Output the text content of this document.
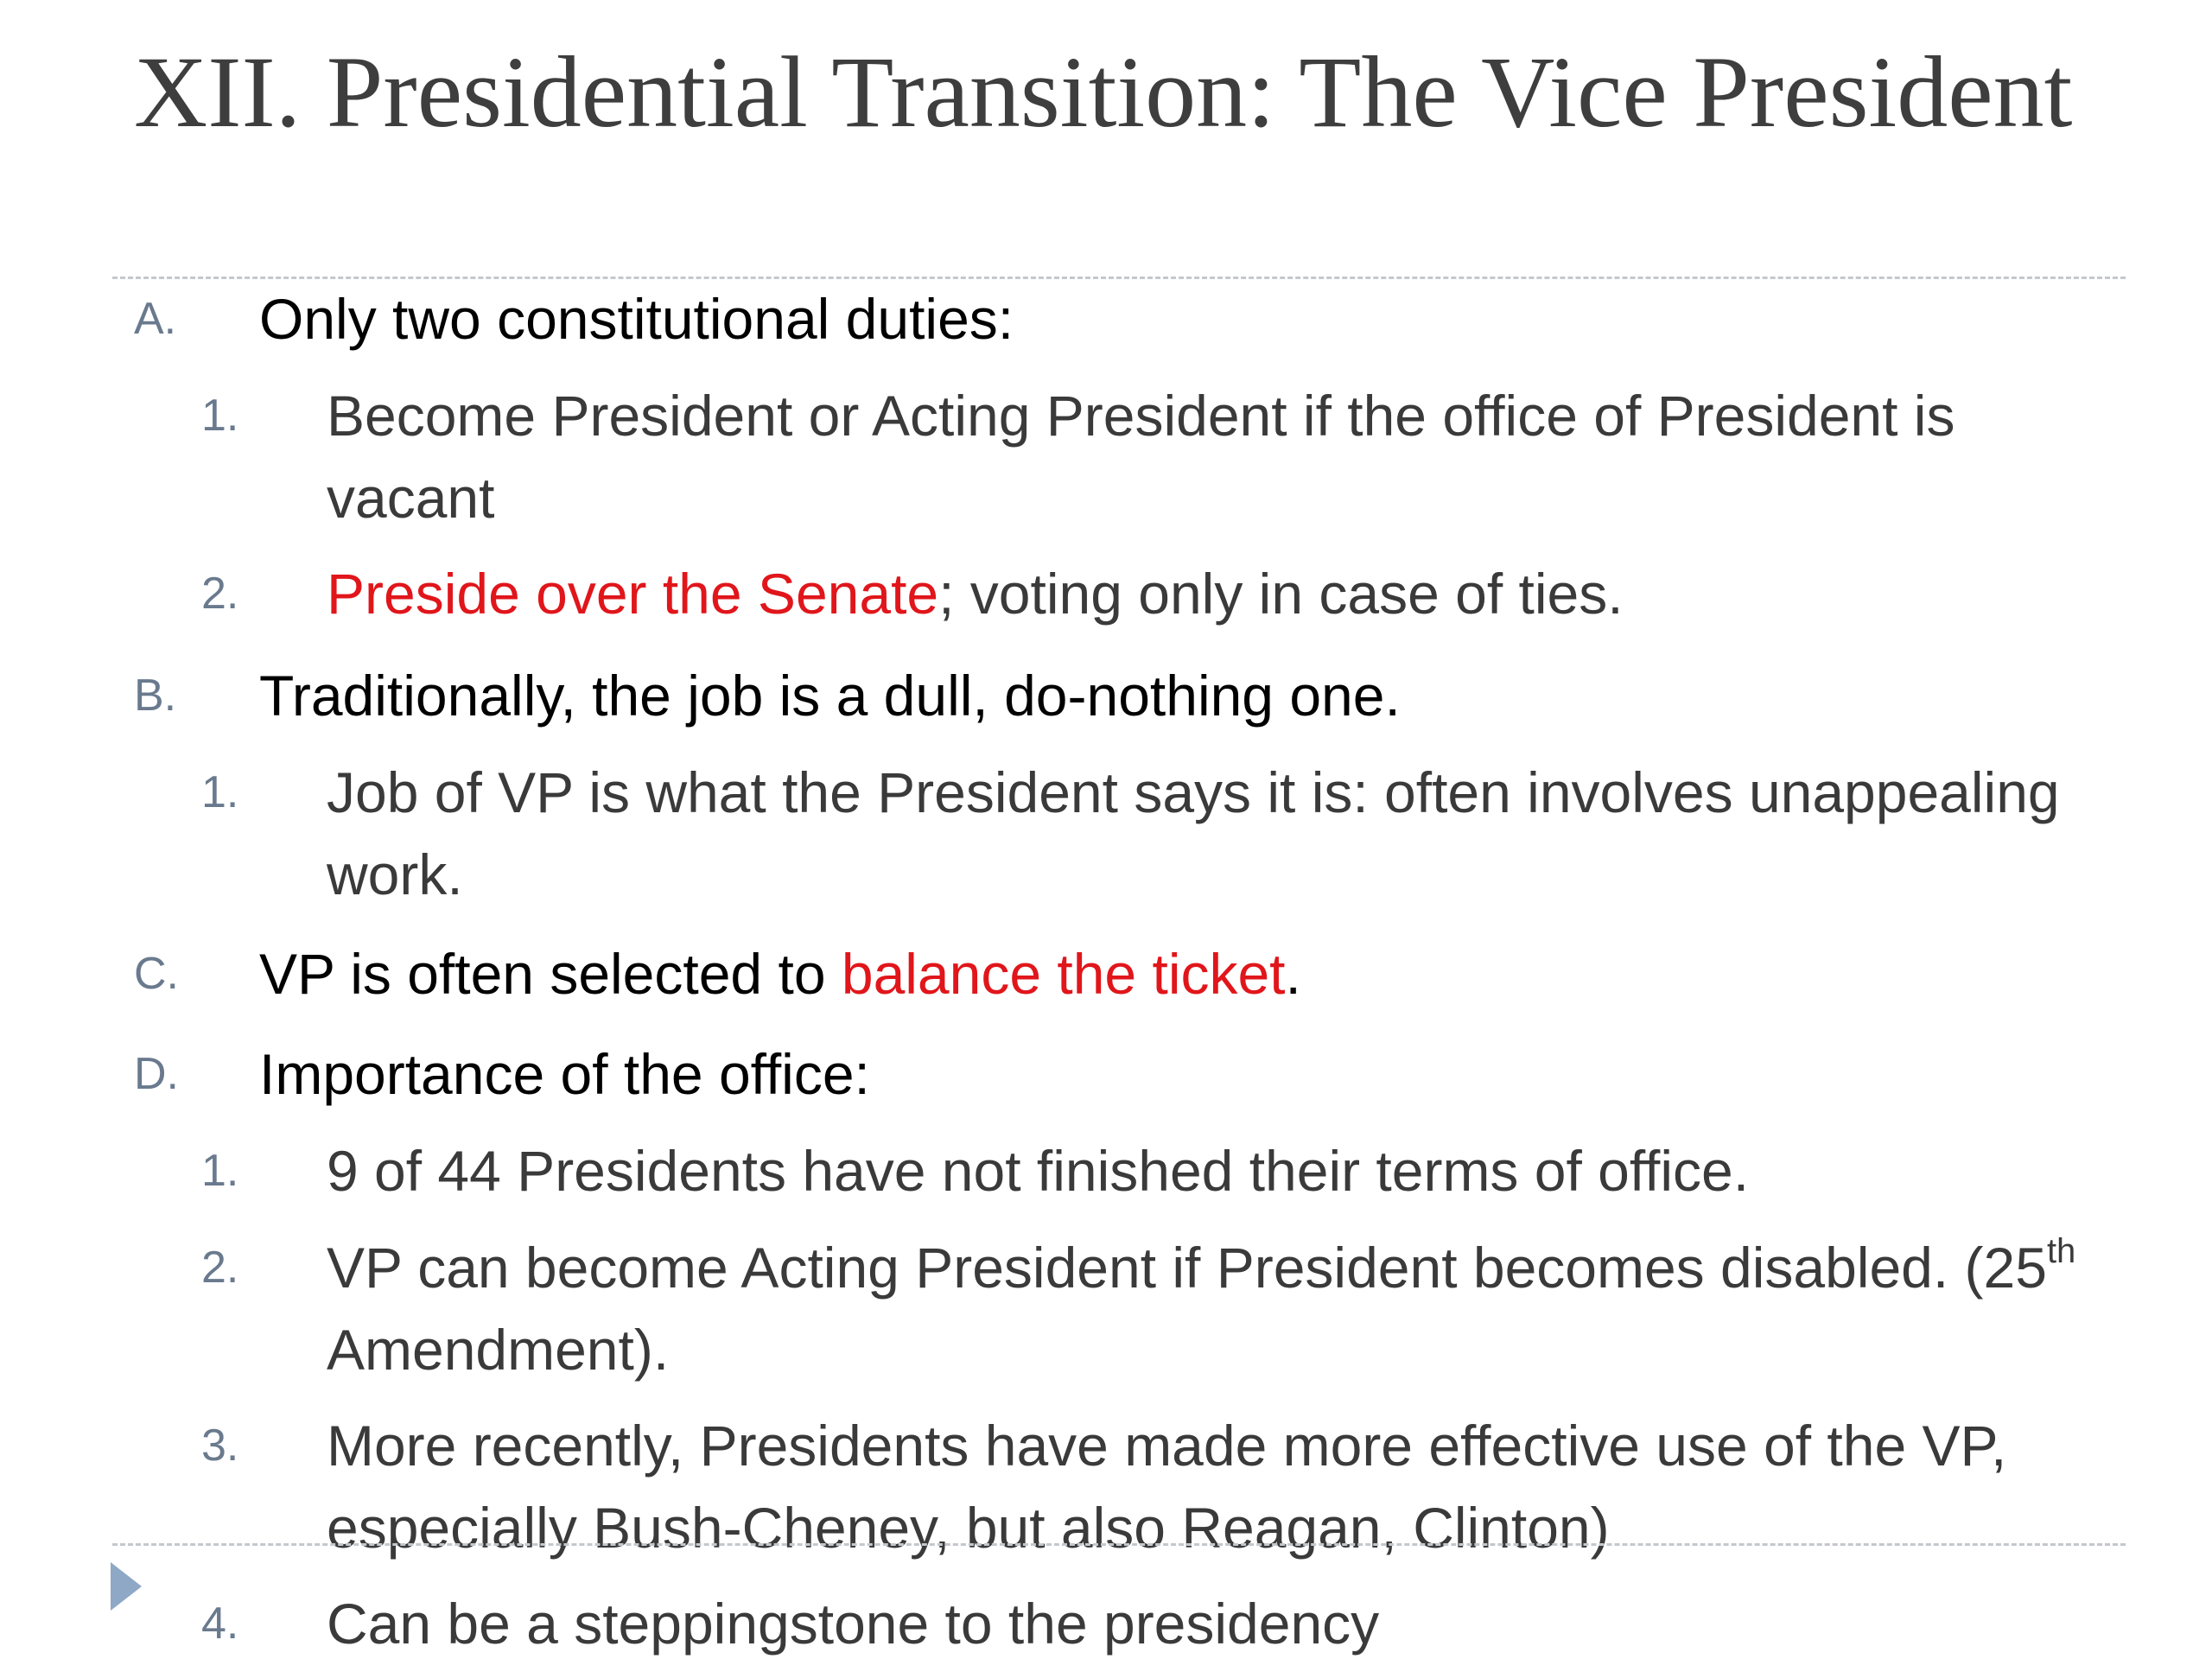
XII. Presidential Transition: The Vice President
A. Only two constitutional duties:
1. Become President or Acting President if the office of President is vacant
2. Preside over the Senate; voting only in case of ties.
B. Traditionally, the job is a dull, do-nothing one.
1. Job of VP is what the President says it is: often involves unappealing work.
C. VP is often selected to balance the ticket.
D. Importance of the office:
1. 9 of 44 Presidents have not finished their terms of office.
2. VP can become Acting President if President becomes disabled. (25th Amendment).
3. More recently, Presidents have made more effective use of the VP, especially Bush-Cheney, but also Reagan, Clinton)
4. Can be a steppingstone to the presidency
